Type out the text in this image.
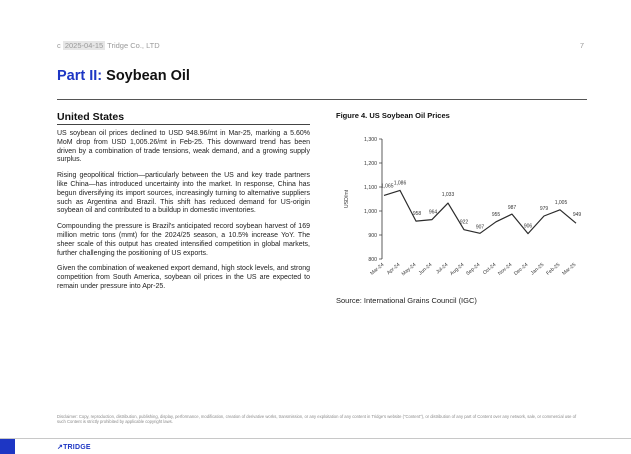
c 2025-04-15 Tridge Co., LTD	7
Part II: Soybean Oil
United States

US soybean oil prices declined to USD 948.96/mt in Mar-25, marking a 5.60% MoM drop from USD 1,005.26/mt in Feb-25. This downward trend has been driven by a combination of trade tensions, weak demand, and a growing supply surplus.

Rising geopolitical friction—particularly between the US and key trade partners like China—has introduced uncertainty into the market. In response, China has begun diversifying its import sources, increasingly turning to alternative suppliers such as Argentina and Brazil. This shift has reduced demand for US-origin soybean oil and contributed to a buildup in domestic inventories.

Compounding the pressure is Brazil's anticipated record soybean harvest of 169 million metric tons (mmt) for the 2024/25 season, a 10.5% increase YoY. The sheer scale of this output has created intensified competition in global markets, further challenging the positioning of US exports.

Given the combination of weakened export demand, high stock levels, and strong competition from South America, soybean oil prices in the US are expected to remain under pressure into Apr-25.

Figure 4. US Soybean Oil Prices
800
900
1,000
1,100
1,200
1,300
USD/mt
1,065
1,086
958 964
1,033
922
907
955
987
906
979
1,005
949
Mar-24 Apr-24 May-24 Jun-24 Jul-24 Aug-24 Sep-24 Oct-24 Nov-24 Dec-24 Jan-25 Feb-25 Mar-25
Source: International Grains Council (IGC)
Disclaimer: Copy, reproduction, distribution, publishing, display, performance, modification, creation of derivative works, transmission, or any exploitation of any content in Tridge's website ("Content"), or distribution of any part of Content over any network, sale, or commercial use of such Content is strictly prohibited by applicable copyright laws.
↗TRIDGE
